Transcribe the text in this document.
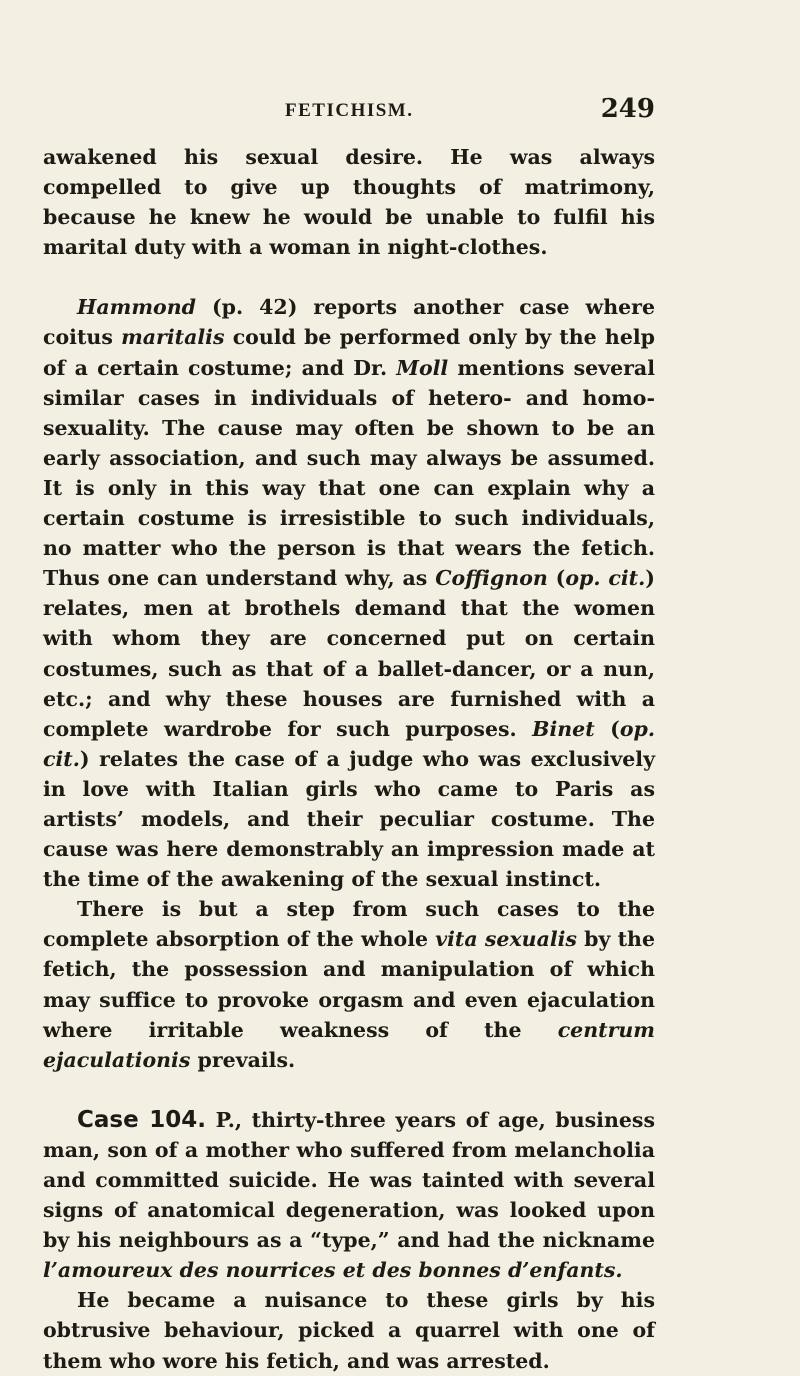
FETICHISM.	249

awakened his sexual desire. He was always compelled to give up thoughts of matrimony, because he knew he would be unable to fulfil his marital duty with a woman in night-clothes.

Hammond (p. 42) reports another case where coitus maritalis could be performed only by the help of a certain costume; and Dr. Moll mentions several similar cases in individuals of hetero- and homo-sexuality. The cause may often be shown to be an early association, and such may always be assumed. It is only in this way that one can explain why a certain costume is irresistible to such individuals, no matter who the person is that wears the fetich. Thus one can understand why, as Coffignon (op. cit.) relates, men at brothels demand that the women with whom they are concerned put on certain costumes, such as that of a ballet-dancer, or a nun, etc.; and why these houses are furnished with a complete wardrobe for such purposes. Binet (op. cit.) relates the case of a judge who was exclusively in love with Italian girls who came to Paris as artists’ models, and their peculiar costume. The cause was here demonstrably an impression made at the time of the awakening of the sexual instinct.

There is but a step from such cases to the complete absorption of the whole vita sexualis by the fetich, the possession and manipulation of which may suffice to provoke orgasm and even ejaculation where irritable weakness of the centrum ejaculationis prevails.

Case 104. P., thirty-three years of age, business man, son of a mother who suffered from melancholia and committed suicide. He was tainted with several signs of anatomical degeneration, was looked upon by his neighbours as a “type,” and had the nickname l’amoureux des nourrices et des bonnes d’enfants.

He became a nuisance to these girls by his obtrusive behaviour, picked a quarrel with one of them who wore his fetich, and was arrested.
